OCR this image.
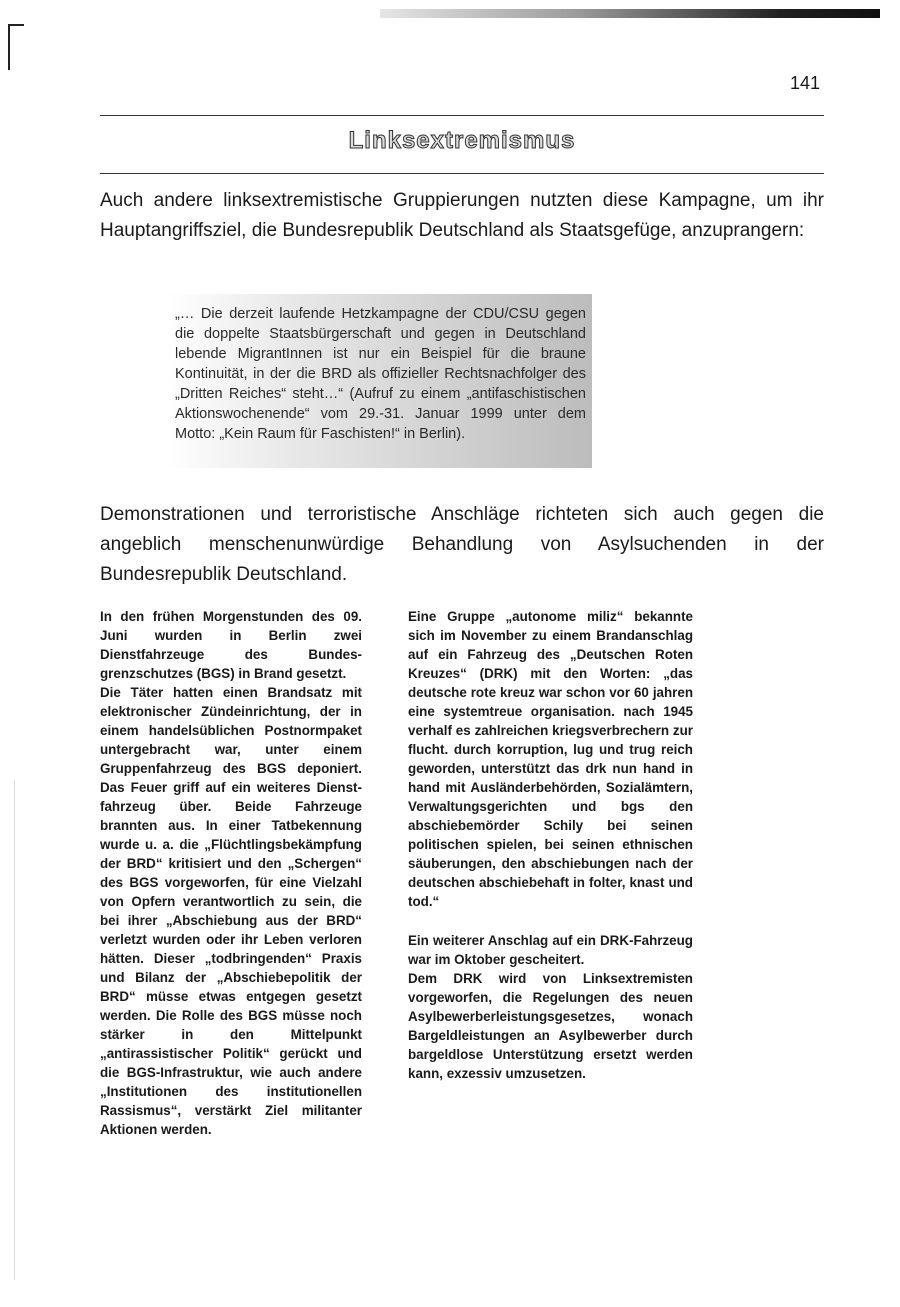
141
Linksextremismus

Auch andere linksextremistische Gruppierungen nutzten diese Kampagne, um ihr Hauptangriffsziel, die Bundesrepublik Deutschland als Staatsgefüge, anzuprangern:

„… Die derzeit laufende Hetzkampagne der CDU/CSU gegen die doppelte Staatsbürgerschaft und gegen in Deutschland lebende MigrantInnen ist nur ein Beispiel für die braune Kontinuität, in der die BRD als offizieller Rechtsnachfolger des „Dritten Reiches“ steht…“ (Aufruf zu einem „antifaschistischen Aktionswochenende“ vom 29.-31. Januar 1999 unter dem Motto: „Kein Raum für Faschisten!“ in Berlin).

Demonstrationen und terroristische Anschläge richteten sich auch gegen die angeblich menschenunwürdige Behandlung von Asylsuchenden in der Bundesrepublik Deutschland.

In den frühen Morgenstunden des 09. Juni wurden in Berlin zwei Dienstfahrzeuge des Bundesgrenzschutzes (BGS) in Brand gesetzt.

Die Täter hatten einen Brandsatz mit elektronischer Zündeinrichtung, der in einem handelsüblichen Postnormpaket untergebracht war, unter einem Gruppenfahrzeug des BGS deponiert. Das Feuer griff auf ein weiteres Dienstfahrzeug über. Beide Fahrzeuge brannten aus. In einer Tatbekennung wurde u. a. die „Flüchtlingsbekämpfung der BRD“ kritisiert und den „Schergen“ des BGS vorgeworfen, für eine Vielzahl von Opfern verantwortlich zu sein, die bei ihrer „Abschiebung aus der BRD“ verletzt wurden oder ihr Leben verloren hätten. Dieser „todbringenden“ Praxis und Bilanz der „Abschiebepolitik der BRD“ müsse etwas entgegen gesetzt werden. Die Rolle des BGS müsse noch stärker in den Mittelpunkt „antirassistischer Politik“ gerückt und die BGS-Infrastruktur, wie auch andere „Institutionen des institutionellen Rassismus“, verstärkt Ziel militanter Aktionen werden.

Eine Gruppe „autonome miliz“ bekannte sich im November zu einem Brandanschlag auf ein Fahrzeug des „Deutschen Roten Kreuzes“ (DRK) mit den Worten: „das deutsche rote kreuz war schon vor 60 jahren eine systemtreue organisation. nach 1945 verhalf es zahlreichen kriegsverbrechern zur flucht. durch korruption, lug und trug reich geworden, unterstützt das drk nun hand in hand mit Ausländerbehörden, Sozialämtern, Verwaltungsgerichten und bgs den abschiebemörder Schily bei seinen politischen spielen, bei seinen ethnischen säuberungen, den abschiebungen nach der deutschen abschiebehaft in folter, knast und tod.“

Ein weiterer Anschlag auf ein DRK-Fahrzeug war im Oktober gescheitert.

Dem DRK wird von Linksextremisten vorgeworfen, die Regelungen des neuen Asylbewerberleistungsgesetzes, wonach Bargeldleistungen an Asylbewerber durch bargeldlose Unterstützung ersetzt werden kann, exzessiv umzusetzen.
